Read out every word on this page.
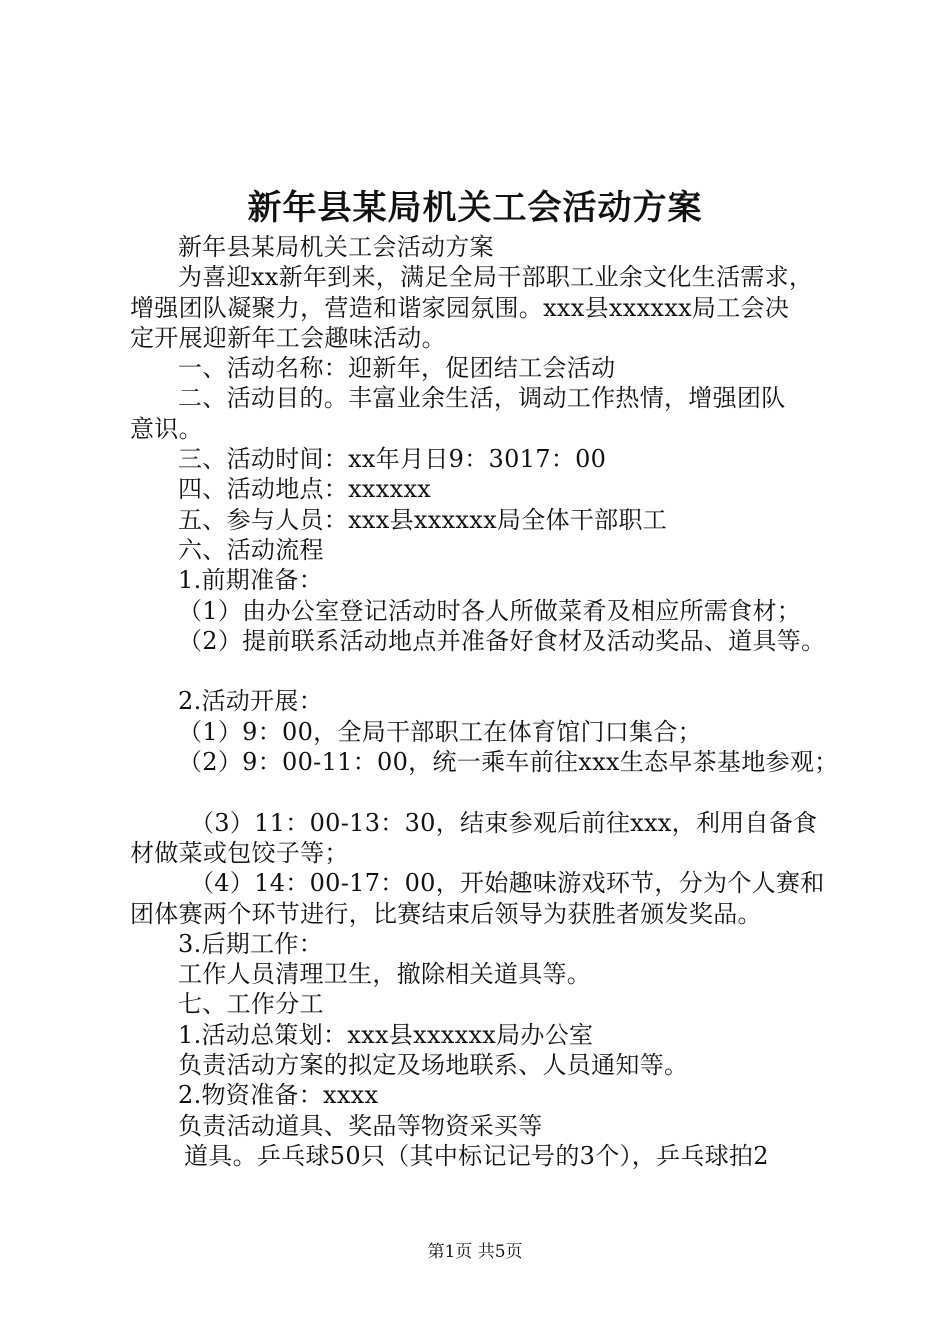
新年县某局机关工会活动方案
新年县某局机关工会活动方案
为喜迎xx新年到来，满足全局干部职工业余文化生活需求，
增强团队凝聚力，营造和谐家园氛围。xxx县xxxxxx局工会决
定开展迎新年工会趣味活动。
一、活动名称：迎新年，促团结工会活动
二、活动目的。丰富业余生活，调动工作热情，增强团队
意识。
三、活动时间：xx年月日9：3017：00
四、活动地点：xxxxxx
五、参与人员：xxx县xxxxxx局全体干部职工
六、活动流程
1.前期准备：
（1）由办公室登记活动时各人所做菜肴及相应所需食材；
（2）提前联系活动地点并准备好食材及活动奖品、道具等。
2.活动开展：
（1）9：00，全局干部职工在体育馆门口集合；
（2）9：00-11：00，统一乘车前往xxx生态早茶基地参观；
（3）11：00-13：30，结束参观后前往xxx，利用自备食
材做菜或包饺子等；
（4）14：00-17：00，开始趣味游戏环节，分为个人赛和
团体赛两个环节进行，比赛结束后领导为获胜者颁发奖品。
3.后期工作：
工作人员清理卫生，撤除相关道具等。
七、工作分工
1.活动总策划：xxx县xxxxxx局办公室
负责活动方案的拟定及场地联系、人员通知等。
2.物资准备：xxxx
负责活动道具、奖品等物资采买等
道具。乒乓球50只（其中标记记号的3个），乒乓球拍2
第1页 共5页
